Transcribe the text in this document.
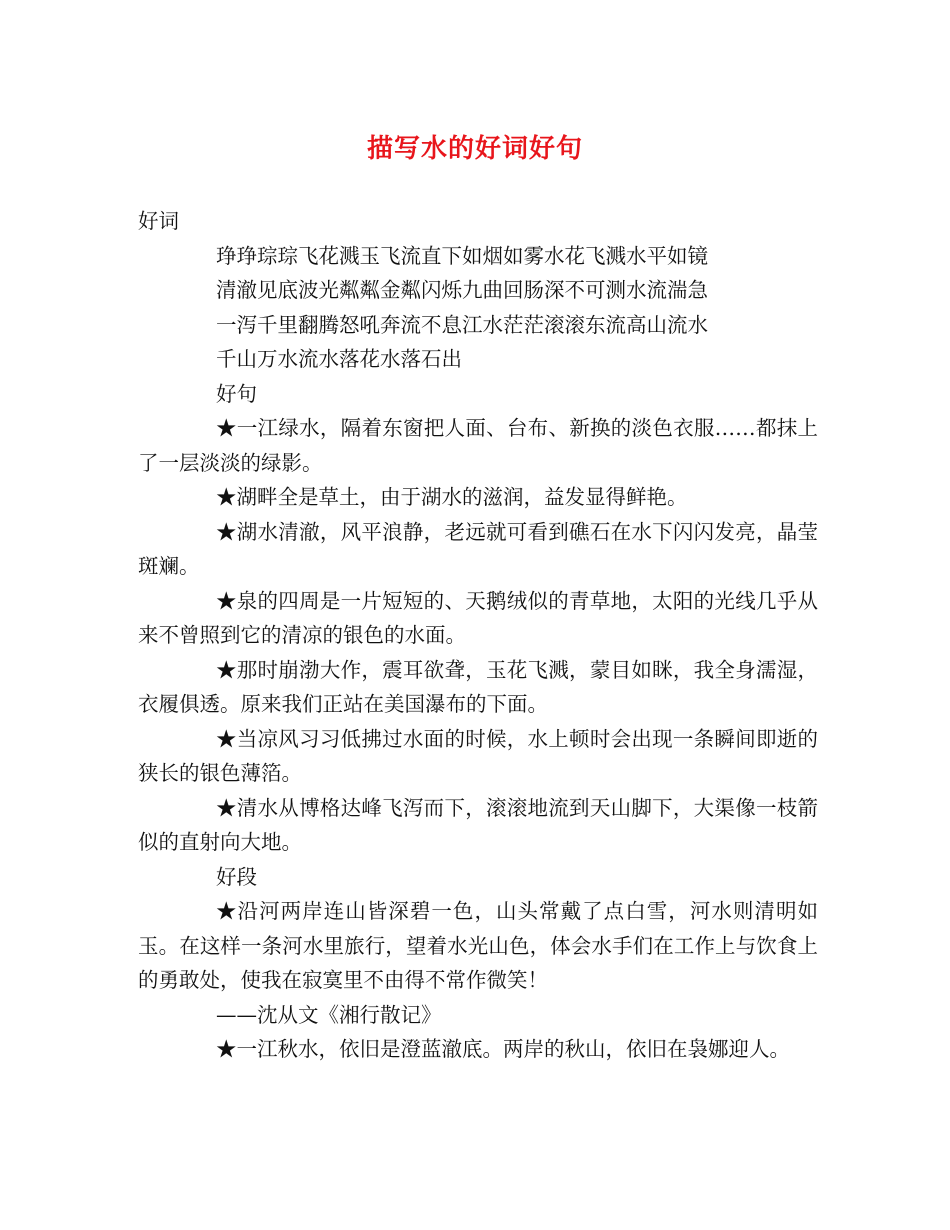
描写水的好词好句

好词

琤琤琮琮飞花溅玉飞流直下如烟如雾水花飞溅水平如镜

清澈见底波光粼粼金粼闪烁九曲回肠深不可测水流湍急

一泻千里翻腾怒吼奔流不息江水茫茫滚滚东流高山流水

千山万水流水落花水落石出

好句

★一江绿水，隔着东窗把人面、台布、新换的淡色衣服……都抹上了一层淡淡的绿影。

★湖畔全是草土，由于湖水的滋润，益发显得鲜艳。

★湖水清澈，风平浪静，老远就可看到礁石在水下闪闪发亮，晶莹斑斓。

★泉的四周是一片短短的、天鹅绒似的青草地，太阳的光线几乎从来不曾照到它的清凉的银色的水面。

★那时崩渤大作，震耳欲聋，玉花飞溅，蒙目如眯，我全身濡湿，衣履俱透。原来我们正站在美国瀑布的下面。

★当凉风习习低拂过水面的时候，水上顿时会出现一条瞬间即逝的狭长的银色薄箔。

★清水从博格达峰飞泻而下，滚滚地流到天山脚下，大渠像一枝箭似的直射向大地。

好段

★沿河两岸连山皆深碧一色，山头常戴了点白雪，河水则清明如玉。在这样一条河水里旅行，望着水光山色，体会水手们在工作上与饮食上的勇敢处，使我在寂寞里不由得不常作微笑！

——沈从文《湘行散记》

★一江秋水，依旧是澄蓝澈底。两岸的秋山，依旧在袅娜迎人。
